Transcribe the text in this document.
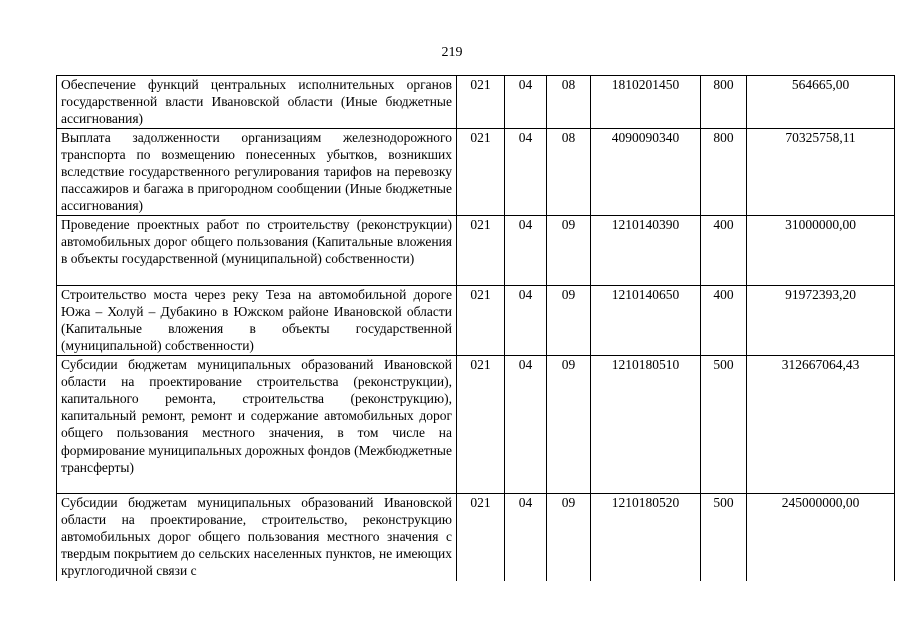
219
Обеспечение функций центральных исполнительных органов государственной власти Ивановской области (Иные бюджетные ассигнования)	021	04	08	1810201450	800	564665,00
Выплата задолженности организациям железнодорожного транспорта по возмещению понесенных убытков, возникших вследствие государственного регулирования тарифов на перевозку пассажиров и багажа в пригородном сообщении (Иные бюджетные ассигнования)	021	04	08	4090090340	800	70325758,11
Проведение проектных работ по строительству (реконструкции) автомобильных дорог общего пользования (Капитальные вложения в объекты государственной (муниципальной) собственности)	021	04	09	1210140390	400	31000000,00
Строительство моста через реку Теза на автомобильной дороге Южа – Холуй – Дубакино в Южском районе Ивановской области (Капитальные вложения в объекты государственной (муниципальной) собственности)	021	04	09	1210140650	400	91972393,20
Субсидии бюджетам муниципальных образований Ивановской области на проектирование строительства (реконструкции), капитального ремонта, строительства (реконструкцию), капитальный ремонт, ремонт и содержание автомобильных дорог общего пользования местного значения, в том числе на формирование муниципальных дорожных фондов (Межбюджетные трансферты)	021	04	09	1210180510	500	312667064,43
Субсидии бюджетам муниципальных образований Ивановской области на проектирование, строительство, реконструкцию автомобильных дорог общего пользования местного значения с твердым покрытием до сельских населенных пунктов, не имеющих круглогодичной связи с	021	04	09	1210180520	500	245000000,00
